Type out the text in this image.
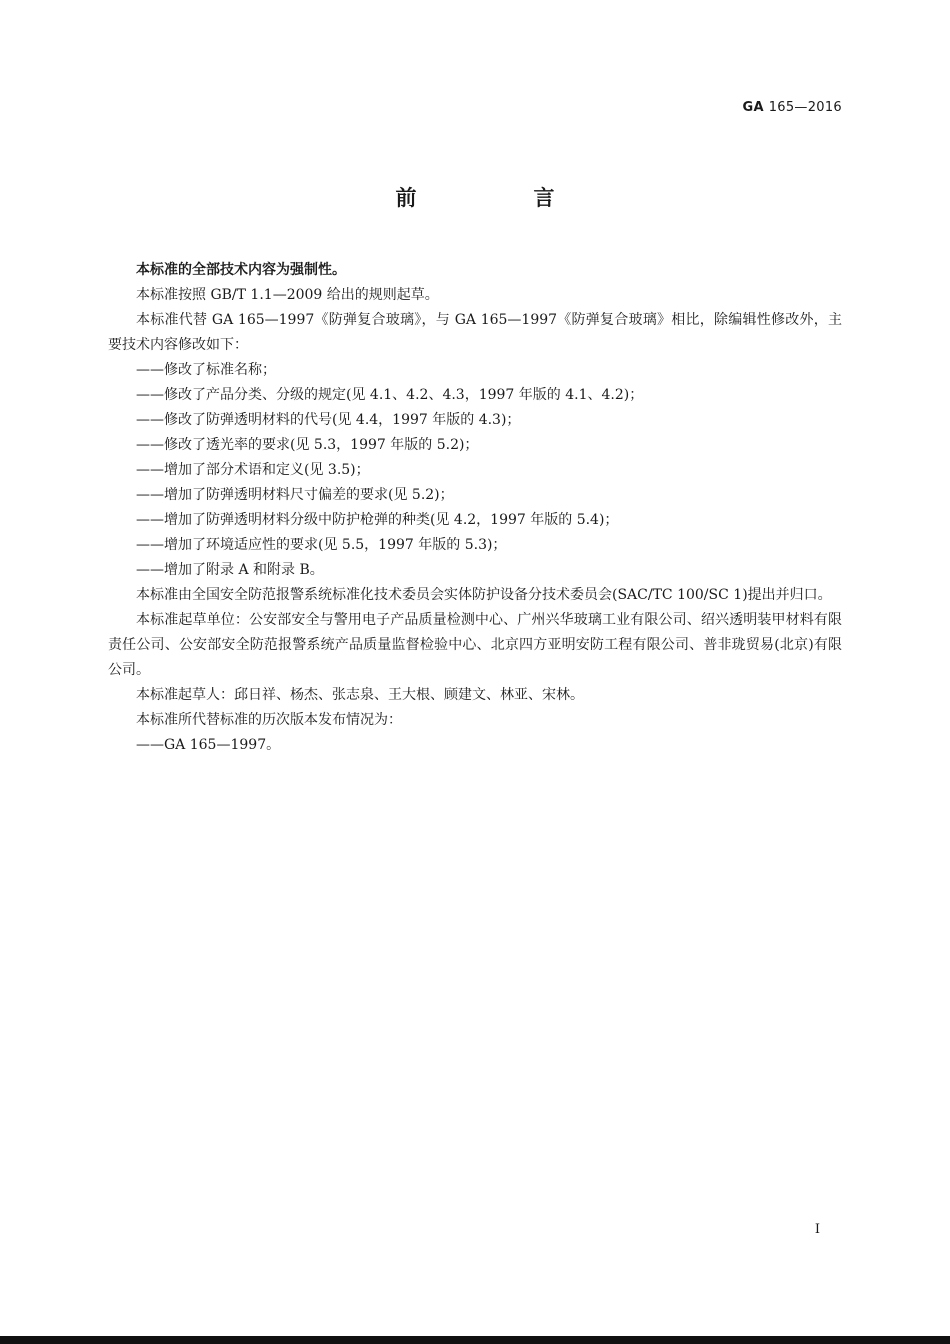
GA 165—2016
前　言

本标准的全部技术内容为强制性。

本标准按照 GB/T 1.1—2009 给出的规则起草。

本标准代替 GA 165—1997《防弹复合玻璃》，与 GA 165—1997《防弹复合玻璃》相比，除编辑性修改外，主要技术内容修改如下：

——修改了标准名称；

——修改了产品分类、分级的规定(见 4.1、4.2、4.3，1997 年版的 4.1、4.2)；

——修改了防弹透明材料的代号(见 4.4，1997 年版的 4.3)；

——修改了透光率的要求(见 5.3，1997 年版的 5.2)；

——增加了部分术语和定义(见 3.5)；

——增加了防弹透明材料尺寸偏差的要求(见 5.2)；

——增加了防弹透明材料分级中防护枪弹的种类(见 4.2，1997 年版的 5.4)；

——增加了环境适应性的要求(见 5.5，1997 年版的 5.3)；

——增加了附录 A 和附录 B。

本标准由全国安全防范报警系统标准化技术委员会实体防护设备分技术委员会(SAC/TC 100/SC 1)提出并归口。

本标准起草单位：公安部安全与警用电子产品质量检测中心、广州兴华玻璃工业有限公司、绍兴透明装甲材料有限责任公司、公安部安全防范报警系统产品质量监督检验中心、北京四方亚明安防工程有限公司、普非珑贸易(北京)有限公司。

本标准起草人：邱日祥、杨杰、张志泉、王大根、顾建文、林亚、宋林。

本标准所代替标准的历次版本发布情况为：

——GA 165—1997。

I
